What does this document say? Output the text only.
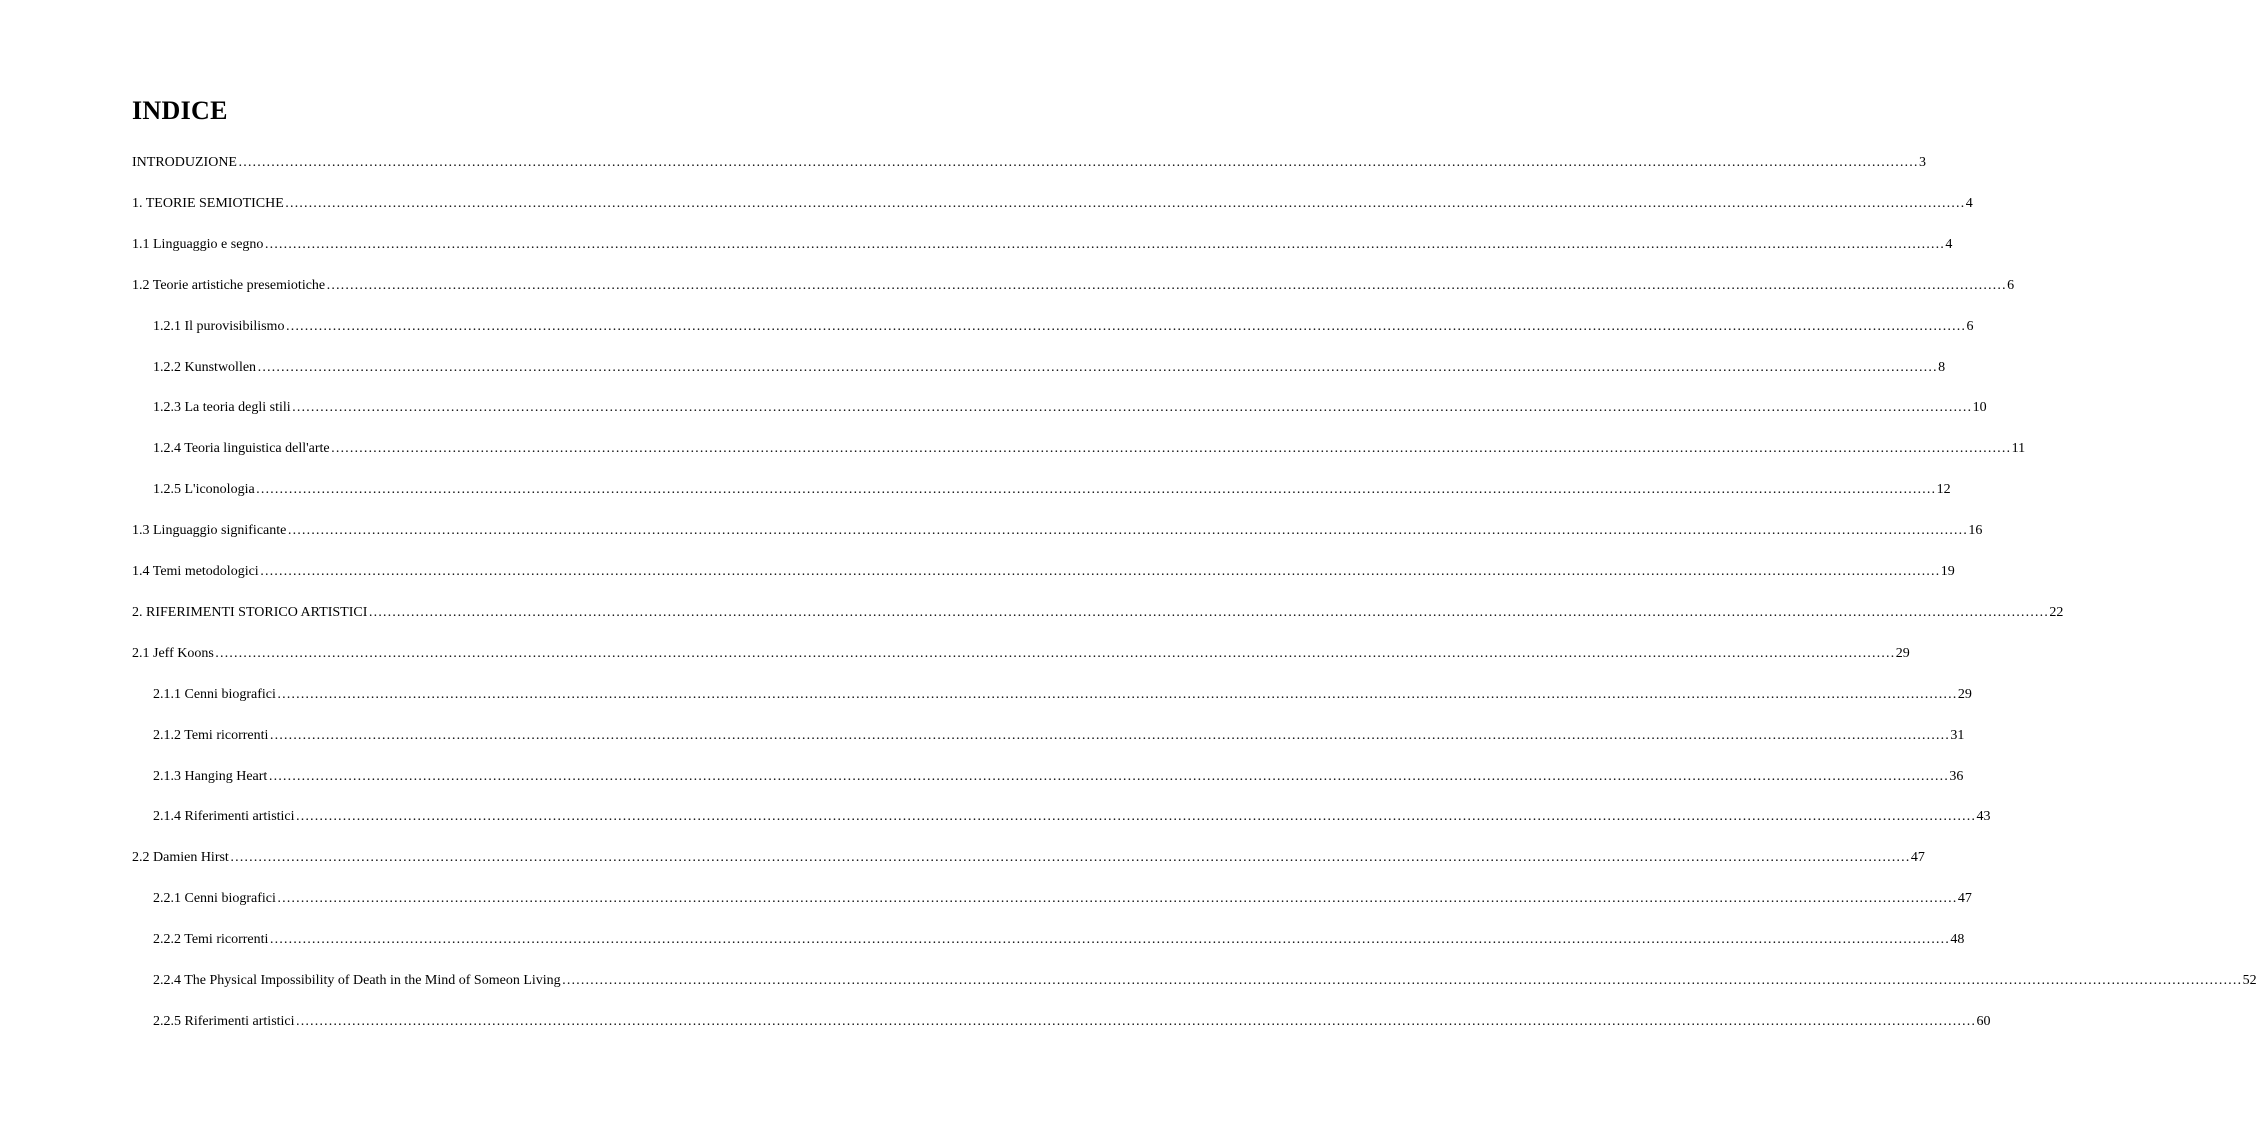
INDICE
INTRODUZIONE ……………………………………………………………………………………………………………………………………………………………………………………………………………………………………………………………………………………………………………………………… 3
1. TEORIE SEMIOTICHE ……………………………………………………………………………………………………………………………………………………………………………………………………………………………………………………………………………………………………………………………… 4
1.1 Linguaggio e segno ……………………………………………………………………………………………………………………………………………………………………………………………………………………………………………………………………………………………………………………………… 4
1.2 Teorie artistiche presemiotiche ……………………………………………………………………………………………………………………………………………………………………………………………………………………………………………………………………………………………………………………………… 6
1.2.1 Il purovisibilismo ……………………………………………………………………………………………………………………………………………………………………………………………………………………………………………………………………………………………………………………………… 6
1.2.2 Kunstwollen ……………………………………………………………………………………………………………………………………………………………………………………………………………………………………………………………………………………………………………………………… 8
1.2.3 La teoria degli stili ……………………………………………………………………………………………………………………………………………………………………………………………………………………………………………………………………………………………………………………………… 10
1.2.4 Teoria linguistica dell'arte ……………………………………………………………………………………………………………………………………………………………………………………………………………………………………………………………………………………………………………………………… 11
1.2.5 L'iconologia ……………………………………………………………………………………………………………………………………………………………………………………………………………………………………………………………………………………………………………………………… 12
1.3 Linguaggio significante ……………………………………………………………………………………………………………………………………………………………………………………………………………………………………………………………………………………………………………………………… 16
1.4 Temi metodologici ……………………………………………………………………………………………………………………………………………………………………………………………………………………………………………………………………………………………………………………………… 19
2. RIFERIMENTI STORICO ARTISTICI ……………………………………………………………………………………………………………………………………………………………………………………………………………………………………………………………………………………………………………………………… 22
2.1 Jeff Koons ……………………………………………………………………………………………………………………………………………………………………………………………………………………………………………………………………………………………………………………………… 29
2.1.1 Cenni biografici ……………………………………………………………………………………………………………………………………………………………………………………………………………………………………………………………………………………………………………………………… 29
2.1.2 Temi ricorrenti ……………………………………………………………………………………………………………………………………………………………………………………………………………………………………………………………………………………………………………………………… 31
2.1.3 Hanging Heart ……………………………………………………………………………………………………………………………………………………………………………………………………………………………………………………………………………………………………………………………… 36
2.1.4 Riferimenti artistici ……………………………………………………………………………………………………………………………………………………………………………………………………………………………………………………………………………………………………………………………… 43
2.2 Damien Hirst ……………………………………………………………………………………………………………………………………………………………………………………………………………………………………………………………………………………………………………………………… 47
2.2.1 Cenni biografici ……………………………………………………………………………………………………………………………………………………………………………………………………………………………………………………………………………………………………………………………… 47
2.2.2 Temi ricorrenti ……………………………………………………………………………………………………………………………………………………………………………………………………………………………………………………………………………………………………………………………… 48
2.2.4 The Physical Impossibility of Death in the Mind of Someon Living ……………………………………………………………………………………………………………………………………………………………………………………………………………………………………………………………………………………………………………………………… 52
2.2.5 Riferimenti artistici ……………………………………………………………………………………………………………………………………………………………………………………………………………………………………………………………………………………………………………………………… 60
